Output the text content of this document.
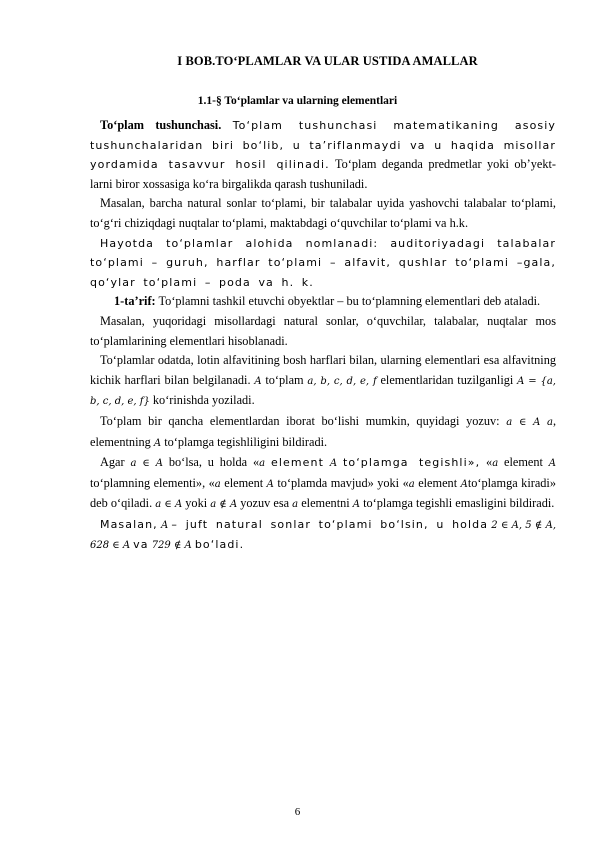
I BOB.TO‘PLAMLAR VA ULAR USTIDA AMALLAR
1.1-§ To‘plamlar va ularning elementlari

To‘plam tushunchasi. To‘plam tushunchasi matematikaning asosiy tushunchalaridan biri bo‘lib, u ta’riflanmaydi va u haqida misollar yordamida tasavvur hosil qilinadi. To‘plam deganda predmetlar yoki ob’yekt-larni biror xossasiga ko‘ra birgalikda qarash tushuniladi.

Masalan, barcha natural sonlar to‘plami, bir talabalar uyida yashovchi talabalar to‘plami, to‘g‘ri chiziqdagi nuqtalar to‘plami, maktabdagi o‘quvchilar to‘plami va h.k.

Hayotda to‘plamlar alohida nomlanadi: auditoriyadagi talabalar to‘plami – guruh, harflar to‘plami – alfavit, qushlar to‘plami –gala, qo‘ylar to‘plami – poda va h. k.

1-ta’rif: To‘plamni tashkil etuvchi obyektlar – bu to‘plamning elementlari deb ataladi.

Masalan, yuqoridagi misollardagi natural sonlar, o‘quvchilar, talabalar, nuqtalar mos to‘plamlarining elementlari hisoblanadi.

To‘plamlar odatda, lotin alfavitining bosh harflari bilan, ularning elementlari esa alfavitning kichik harflari bilan belgilanadi. A to‘plam a, b, c, d, e, f elementlaridan tuzilganligi A = {a, b, c, d, e, f} ko‘rinishda yoziladi.

To‘plam bir qancha elementlardan iborat bo‘lishi mumkin, quyidagi yozuv: a ∈ A a, elementning A to‘plamga tegishliligini bildiradi.

Agar a ∈ A bo‘lsa, u holda «a element A to‘plamga tegishli», «a element A to‘plamning elementi», «a element A to‘plamda mavjud» yoki «a element Ato‘plamga kiradi» deb o‘qiladi. a ∈ A yoki a ∉ A yozuv esa a elementni A to‘plamga tegishli emasligini bildiradi.

Masalan, A – juft natural sonlar to‘plami bo‘lsin, u holda 2 ∈ A, 5 ∉ A, 628 ∈ A va 729 ∉ A bo‘ladi.

6
